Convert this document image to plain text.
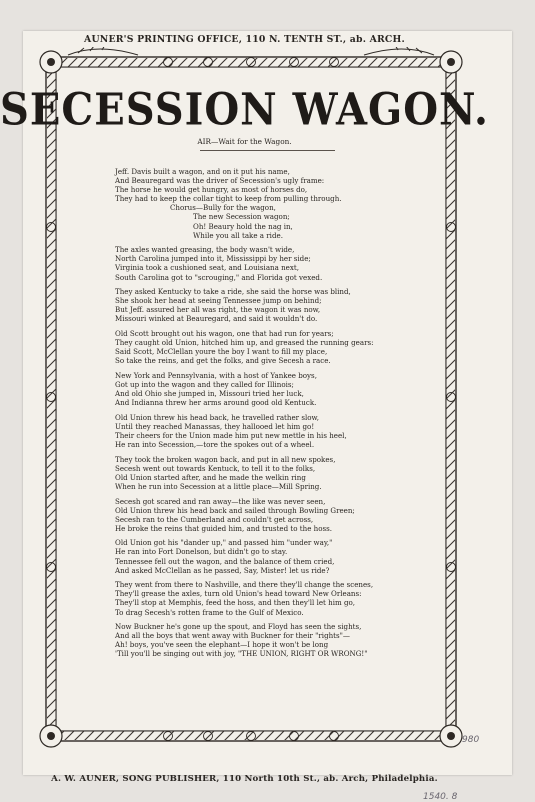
AUNER'S PRINTING OFFICE, 110 N. TENTH ST., ab. ARCH.
SECESSION WAGON.
AIR—Wait for the Wagon.
Jeff. Davis built a wagon, and on it put his name,
And Beauregard was the driver of Secession's ugly frame:
The horse he would get hungry, as most of horses do,
They had to keep the collar tight to keep from pulling through.
Chorus—Bully for the wagon,
The new Secession wagon;
Oh! Beaury hold the nag in,
While you all take a ride.
The axles wanted greasing, the body wasn't wide,
North Carolina jumped into it, Mississippi by her side;
Virginia took a cushioned seat, and Louisiana next,
South Carolina got to "scrouging," and Florida got vexed.
They asked Kentucky to take a ride, she said the horse was blind,
She shook her head at seeing Tennessee jump on behind;
But Jeff. assured her all was right, the wagon it was now,
Missouri winked at Beauregard, and said it wouldn't do.
Old Scott brought out his wagon, one that had run for years;
They caught old Union, hitched him up, and greased the running gears:
Said Scott, McClellan youre the boy I want to fill my place,
So take the reins, and get the folks, and give Secesh a race.
New York and Pennsylvania, with a host of Yankee boys,
Got up into the wagon and they called for Illinois;
And old Ohio she jumped in, Missouri tried her luck,
And Indianna threw her arms around good old Kentuck.
Old Union threw his head back, he travelled rather slow,
Until they reached Manassas, they hallooed let him go!
Their cheers for the Union made him put new mettle in his heel,
He ran into Secession,—tore the spokes out of a wheel.
They took the broken wagon back, and put in all new spokes,
Secesh went out towards Kentuck, to tell it to the folks,
Old Union started after, and he made the welkin ring
When he run into Secession at a little place—Mill Spring.
Secesh got scared and ran away—the like was never seen,
Old Union threw his head back and sailed through Bowling Green;
Secesh ran to the Cumberland and couldn't get across,
He broke the reins that guided him, and trusted to the hoss.
Old Union got his "dander up," and passed him "under way,"
He ran into Fort Donelson, but didn't go to stay.
Tennessee fell out the wagon, and the balance of them cried,
And asked McClellan as he passed, Say, Mister! let us ride?
They went from there to Nashville, and there they'll change the scenes,
They'll grease the axles, turn old Union's head toward New Orleans:
They'll stop at Memphis, feed the hoss, and then they'll let him go,
To drag Secesh's rotten frame to the Gulf of Mexico.
Now Buckner he's gone up the spout, and Floyd has seen the sights,
And all the boys that went away with Buckner for their "rights"—
Ah! boys, you've seen the elephant—I hope it won't be long
'Till you'll be singing out with joy, "THE UNION, RIGHT OR WRONG!"
A. W. AUNER, SONG PUBLISHER, 110 North 10th St., ab. Arch, Philadelphia.
980
1540. 8
